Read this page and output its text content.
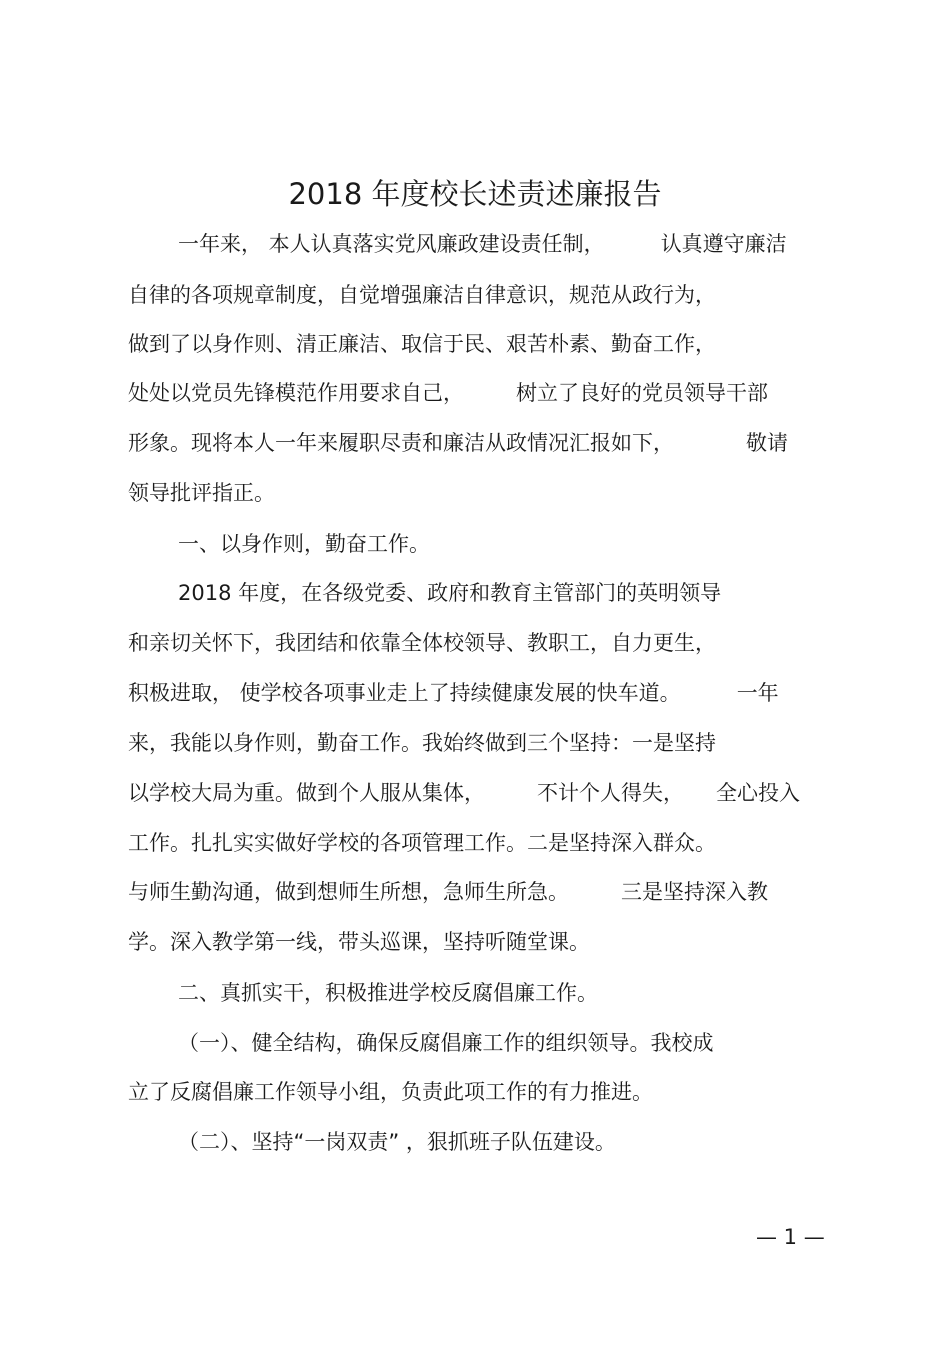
2018 年度校长述责述廉报告
一年来， 本人认真落实党风廉政建设责任制，	认真遵守廉洁
自律的各项规章制度，自觉增强廉洁自律意识，规范从政行为，
做到了以身作则、清正廉洁、取信于民、艰苦朴素、勤奋工作，
处处以党员先锋模范作用要求自己， 树立了良好的党员领导干部
形象。现将本人一年来履职尽责和廉洁从政情况汇报如下，	敬请
领导批评指正。
一、以身作则，勤奋工作。
2018 年度，在各级党委、政府和教育主管部门的英明领导
和亲切关怀下，我团结和依靠全体校领导、教职工，自力更生，
积极进取， 使学校各项事业走上了持续健康发展的快车道。	一年
来，我能以身作则，勤奋工作。我始终做到三个坚持：一是坚持
以学校大局为重。做到个人服从集体， 不计个人得失， 全心投入
工作。扎扎实实做好学校的各项管理工作。二是坚持深入群众。
与师生勤沟通，做到想师生所想，急师生所急。 三是坚持深入教
学。深入教学第一线，带头巡课，坚持听随堂课。
二、真抓实干，积极推进学校反腐倡廉工作。
（一）、健全结构，确保反腐倡廉工作的组织领导。我校成
立了反腐倡廉工作领导小组，负责此项工作的有力推进。
（二）、坚持“一岗双责” ，狠抓班子队伍建设。
— 1 —
